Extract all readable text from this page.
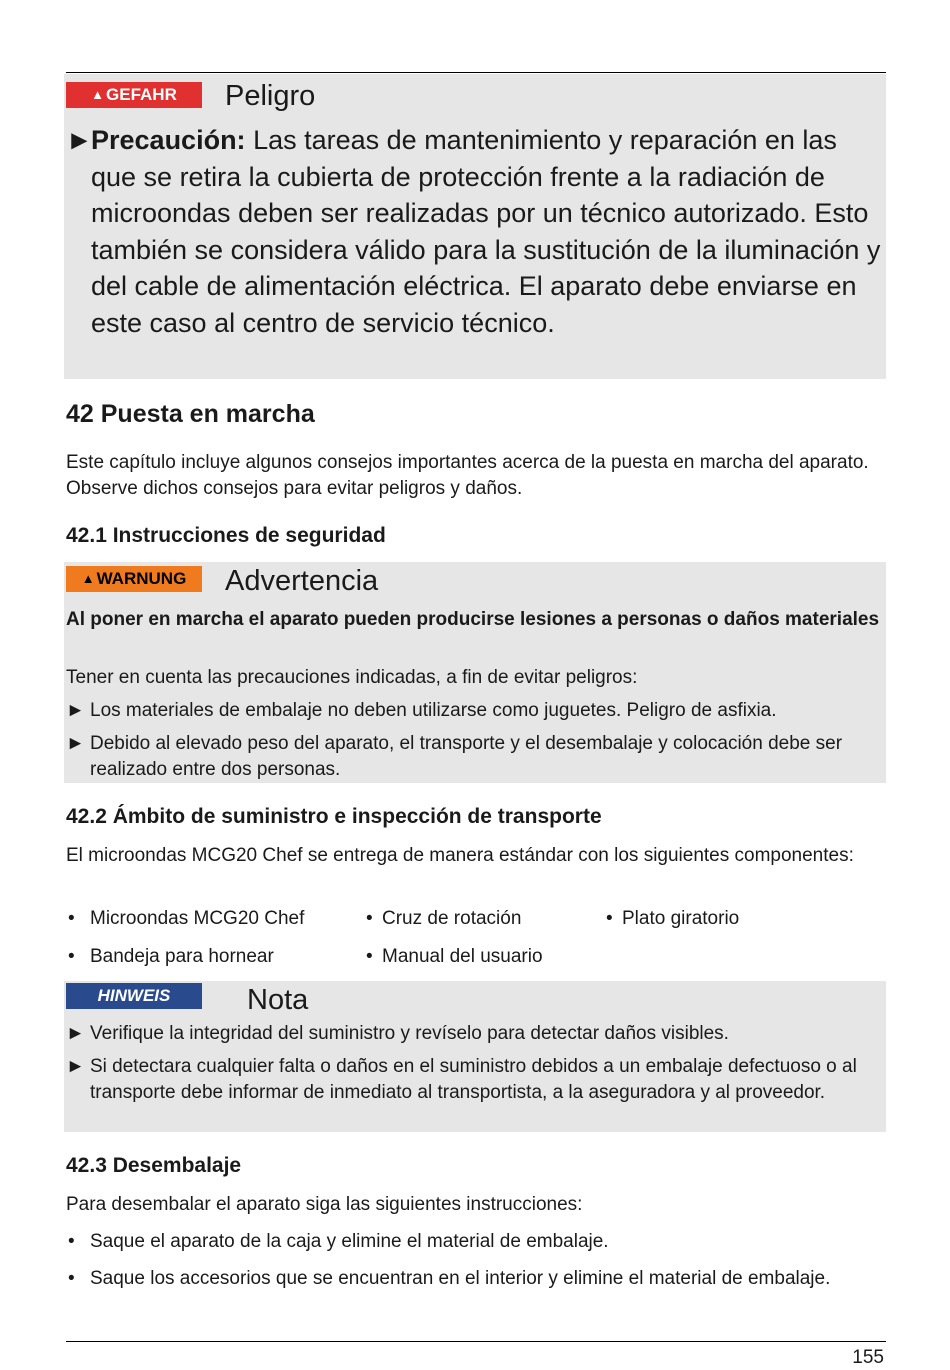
▲ GEFAHR	Peligro

►Precaución: Las tareas de mantenimiento y reparación en las que se retira la cubierta de protección frente a la radiación de microondas deben ser realizadas por un técnico autorizado. Esto también se considera válido para la sustitución de la iluminación y del cable de alimentación eléctrica. El aparato debe enviarse en este caso al centro de servicio técnico.

42 Puesta en marcha

Este capítulo incluye algunos consejos importantes acerca de la puesta en marcha del aparato. Observe dichos consejos para evitar peligros y daños.

42.1 Instrucciones de seguridad
▲ WARNUNG	Advertencia

Al poner en marcha el aparato pueden producirse lesiones a personas o daños materiales

Tener en cuenta las precauciones indicadas, a fin de evitar peligros:

► Los materiales de embalaje no deben utilizarse como juguetes. Peligro de asfixia.

► Debido al elevado peso del aparato, el transporte y el desembalaje y colocación debe ser realizado entre dos personas.

42.2 Ámbito de suministro e inspección de transporte

El microondas MCG20 Chef se entrega de manera estándar con los siguientes componentes:

• Microondas MCG20 Chef	• Cruz de rotación	• Plato giratorio

• Bandeja para hornear	• Manual del usuario

HINWEIS	Nota

► Verifique la integridad del suministro y revíselo para detectar daños visibles.

► Si detectara cualquier falta o daños en el suministro debidos a un embalaje defectuoso o al transporte debe informar de inmediato al transportista, a la aseguradora y al proveedor.

42.3 Desembalaje

Para desembalar el aparato siga las siguientes instrucciones:

• Saque el aparato de la caja y elimine el material de embalaje.

• Saque los accesorios que se encuentran en el interior y elimine el material de embalaje.

155
